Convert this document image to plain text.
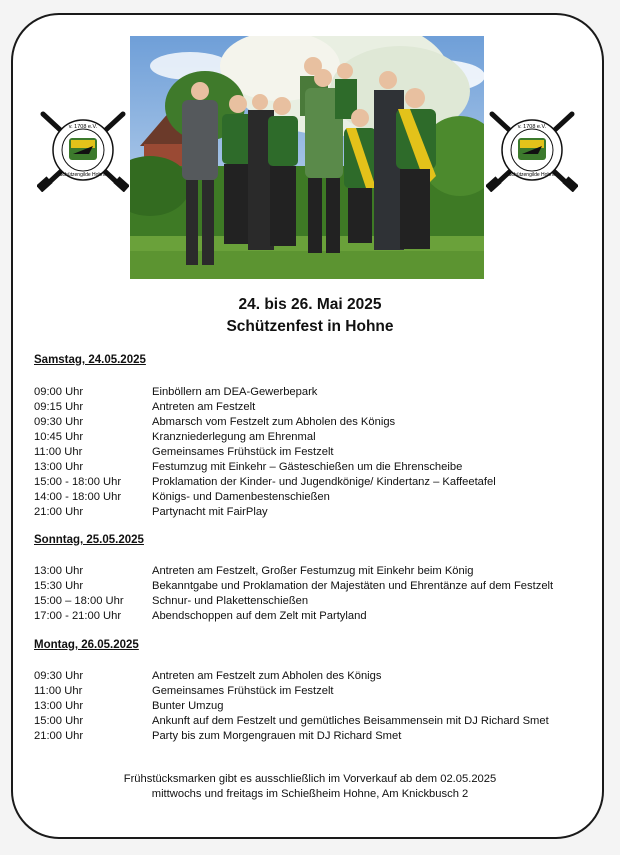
v. 1708 e.V.
Schützengilde Hohne
v. 1708 e.V.
Schützengilde Hohne
24. bis 26. Mai 2025
Schützenfest in Hohne
Samstag, 24.05.2025
09:00 Uhr	Einböllern am DEA-Gewerbepark
09:15 Uhr	Antreten am Festzelt
09:30 Uhr	Abmarsch vom Festzelt zum Abholen des Königs
10:45 Uhr	Kranzniederlegung am Ehrenmal
11:00 Uhr	Gemeinsames Frühstück im Festzelt
13:00 Uhr	Festumzug mit Einkehr – Gästeschießen um die Ehrenscheibe
15:00 - 18:00 Uhr	Proklamation der Kinder- und Jugendkönige/ Kindertanz – Kaffeetafel
14:00 - 18:00 Uhr	Königs- und Damenbestenschießen
21:00 Uhr	Partynacht mit FairPlay
Sonntag, 25.05.2025
13:00 Uhr	Antreten am Festzelt, Großer Festumzug mit Einkehr beim König
15:30 Uhr	Bekanntgabe und Proklamation der Majestäten und Ehrentänze auf dem Festzelt
15:00 – 18:00 Uhr	Schnur- und Plakettenschießen
17:00 - 21:00 Uhr	Abendschoppen auf dem Zelt mit Partyland
Montag, 26.05.2025
09:30 Uhr	Antreten am Festzelt zum Abholen des Königs
11:00 Uhr	Gemeinsames Frühstück im Festzelt
13:00 Uhr	Bunter Umzug
15:00 Uhr	Ankunft auf dem Festzelt und gemütliches Beisammensein mit DJ Richard Smet
21:00 Uhr	Party bis zum Morgengrauen mit DJ Richard Smet
Frühstücksmarken gibt es ausschließlich im Vorverkauf ab dem 02.05.2025
mittwochs und freitags im Schießheim Hohne, Am Knickbusch 2
